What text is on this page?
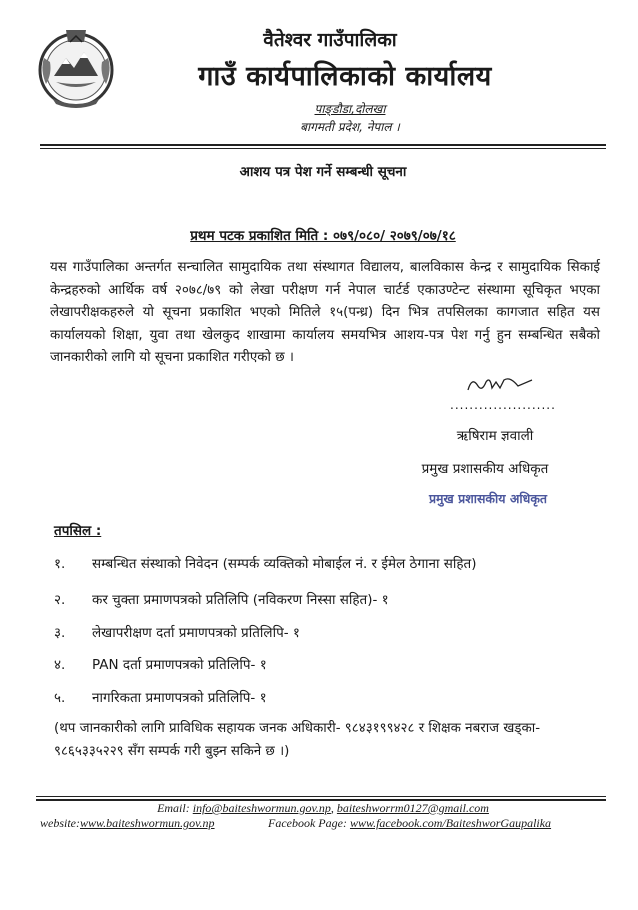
वैतेश्वर गाउँपालिका
गाउँ कार्यपालिकाको कार्यालय
पाङ्डौडा,दोलखा
बागमती प्रदेश, नेपाल ।
आशय पत्र पेश गर्ने सम्बन्धी सूचना
प्रथम पटक प्रकाशित मिति : ०७९/०८०/ २०७९/०७/१८
यस गाउँपालिका अन्तर्गत सन्चालित सामुदायिक तथा संस्थागत विद्यालय, बालविकास केन्द्र र सामुदायिक सिकाई केन्द्रहरुको आर्थिक वर्ष २०७८/७९ को लेखा परीक्षण गर्न नेपाल चार्टर्ड एकाउण्टेन्ट संस्थामा सूचिकृत भएका लेखापरीक्षकहरुले यो सूचना प्रकाशित भएको मितिले १५(पन्ध्र) दिन भित्र तपसिलका कागजात सहित यस कार्यालयको शिक्षा, युवा तथा खेलकुद शाखामा कार्यालय समयभित्र आशय-पत्र पेश गर्नु हुन सम्बन्धित सबैको जानकारीको लागि यो सूचना प्रकाशित गरीएको छ ।
......................
ऋषिराम ज्ञवाली
प्रमुख प्रशासकीय अधिकृत
प्रमुख प्रशासकीय अधिकृत
तपसिल :
१.	सम्बन्धित संस्थाको निवेदन (सम्पर्क व्यक्तिको मोबाईल नं. र ईमेल ठेगाना सहित)
२.	कर चुक्ता प्रमाणपत्रको प्रतिलिपि (नविकरण निस्सा सहित)- १
३.	लेखापरीक्षण दर्ता प्रमाणपत्रको प्रतिलिपि- १
४.	PAN दर्ता प्रमाणपत्रको प्रतिलिपि- १
५.	नागरिकता प्रमाणपत्रको प्रतिलिपि- १
(थप जानकारीको लागि प्राविधिक सहायक जनक अधिकारी- ९८४३१९९४२८ र शिक्षक नबराज खड्का- ९८६५३३५२२९ सँग सम्पर्क गरी बुझ्न सकिने छ ।)
Email: info@baiteshwormun.gov.np, baiteshworrm0127@gmail.com
website:www.baiteshwormun.gov.np	Facebook Page: www.facebook.com/BaiteshworGaupalika
